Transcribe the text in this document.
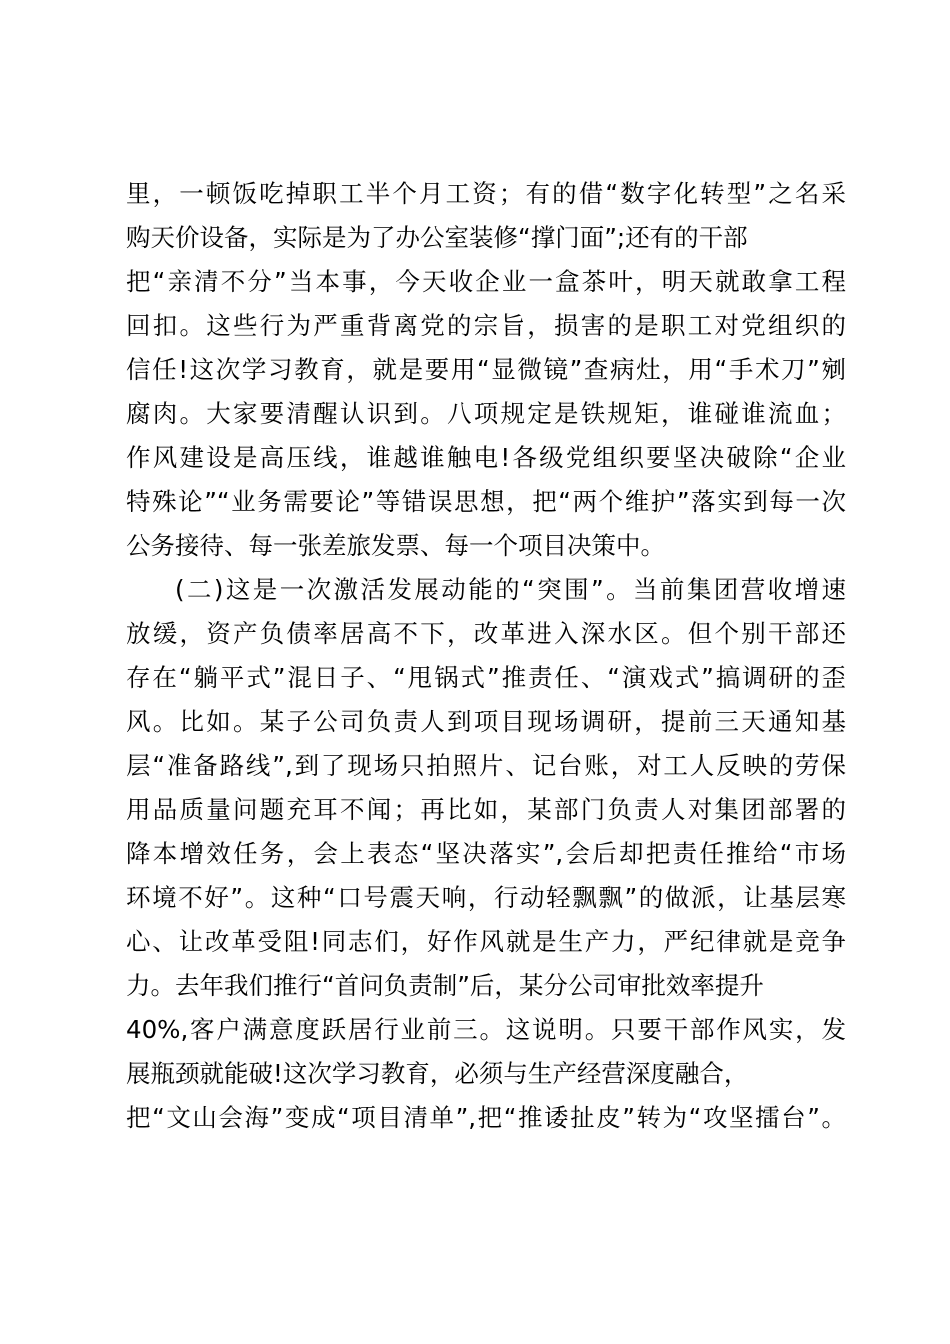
里，一顿饭吃掉职工半个月工资；有的借“数字化转型”之名采
购天价设备，实际是为了办公室装修“撑门面”;还有的干部
把“亲清不分”当本事，今天收企业一盒茶叶，明天就敢拿工程
回扣。这些行为严重背离党的宗旨，损害的是职工对党组织的
信任!这次学习教育，就是要用“显微镜”查病灶，用“手术刀”剜
腐肉。大家要清醒认识到。八项规定是铁规矩，谁碰谁流血；
作风建设是高压线，谁越谁触电!各级党组织要坚决破除“企业
特殊论”“业务需要论”等错误思想，把“两个维护”落实到每一次
公务接待、每一张差旅发票、每一个项目决策中。
(二)这是一次激活发展动能的“突围”。当前集团营收增速
放缓，资产负债率居高不下，改革进入深水区。但个别干部还
存在“躺平式”混日子、“甩锅式”推责任、“演戏式”搞调研的歪
风。比如。某子公司负责人到项目现场调研，提前三天通知基
层“准备路线”,到了现场只拍照片、记台账，对工人反映的劳保
用品质量问题充耳不闻；再比如，某部门负责人对集团部署的
降本增效任务，会上表态“坚决落实”,会后却把责任推给“市场
环境不好”。这种“口号震天响，行动轻飘飘”的做派，让基层寒
心、让改革受阻!同志们，好作风就是生产力，严纪律就是竞争
力。去年我们推行“首问负责制”后，某分公司审批效率提升
40%,客户满意度跃居行业前三。这说明。只要干部作风实，发
展瓶颈就能破!这次学习教育，必须与生产经营深度融合，
把“文山会海”变成“项目清单”,把“推诿扯皮”转为“攻坚擂台”。
